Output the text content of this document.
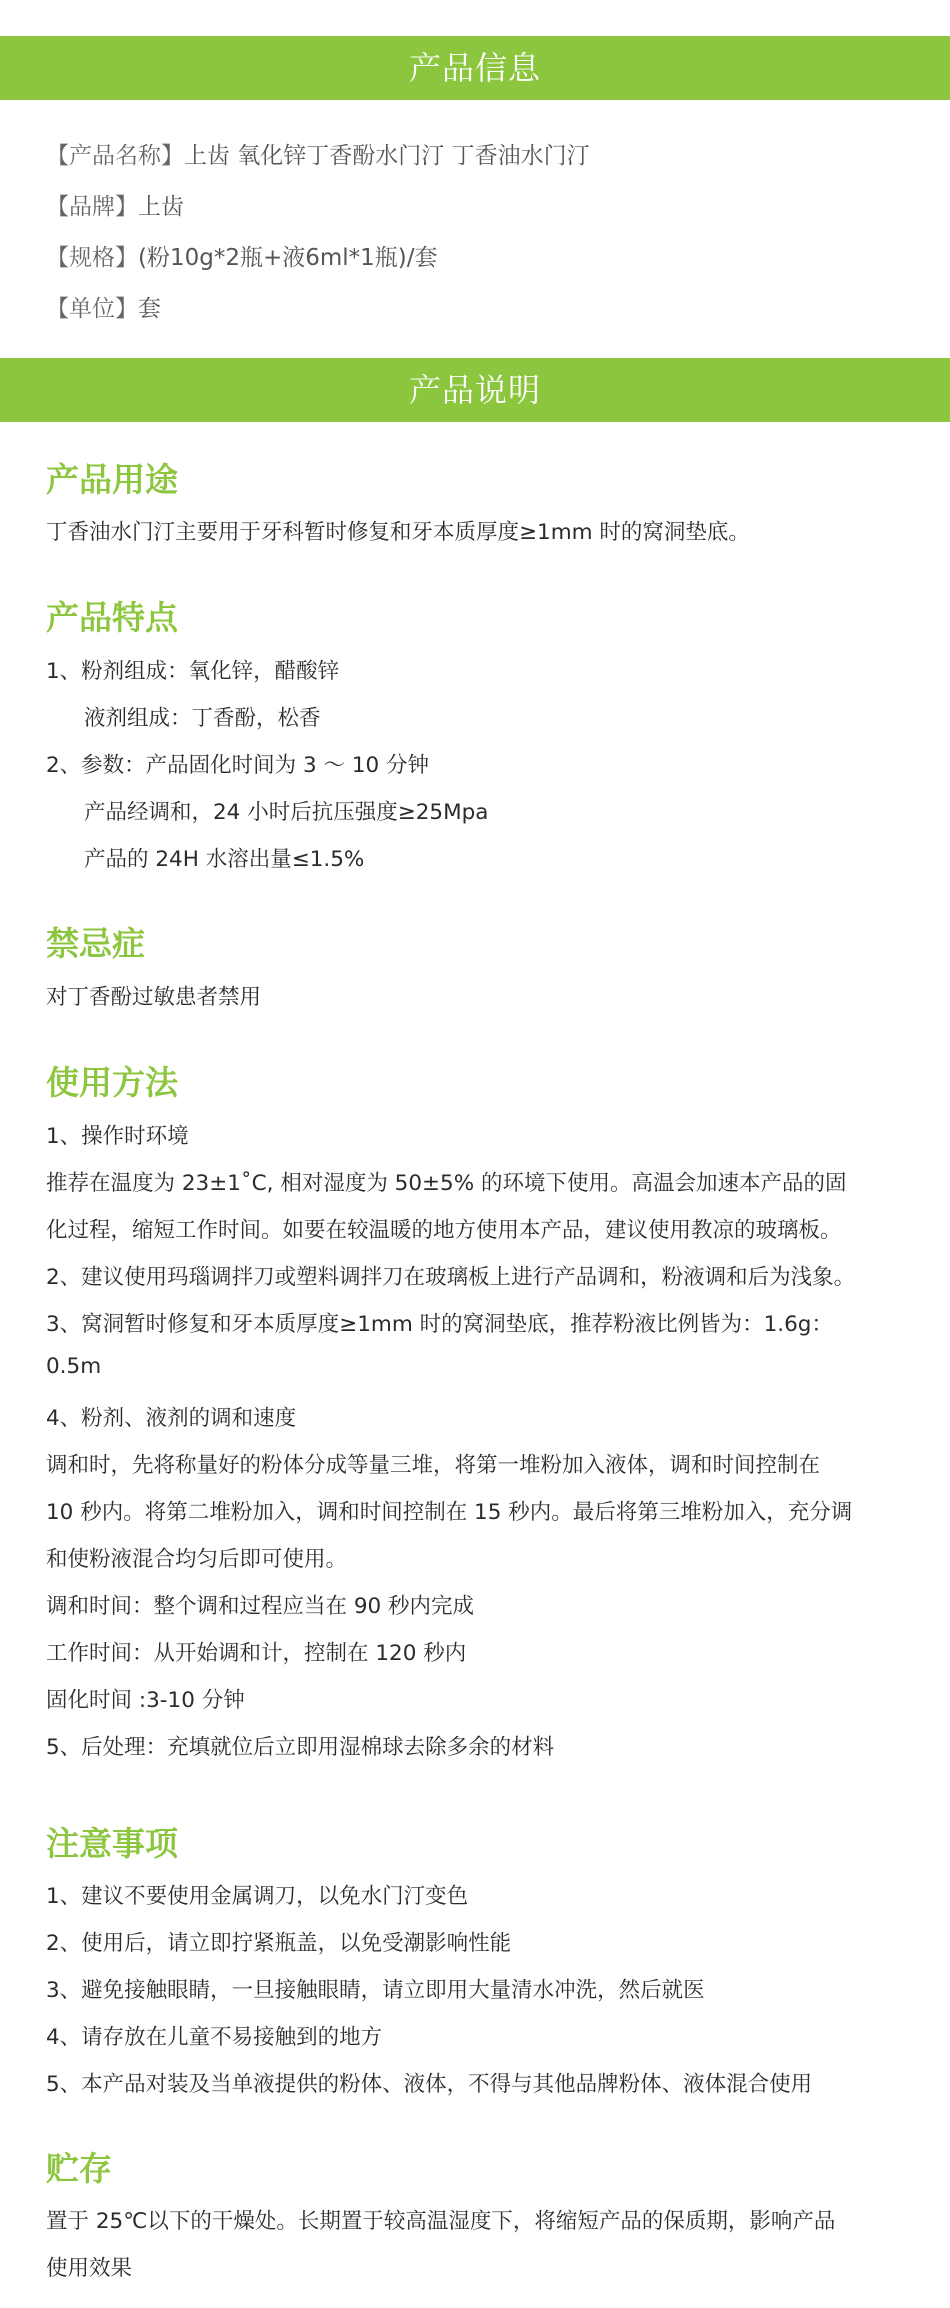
产品信息
【产品名称】上齿 氧化锌丁香酚水门汀 丁香油水门汀
【品牌】上齿
【规格】(粉10g*2瓶+液6ml*1瓶)/套
【单位】套
产品说明
产品用途
丁香油水门汀主要用于牙科暂时修复和牙本质厚度≥1mm 时的窝洞垫底。
产品特点
1、粉剂组成：氧化锌，醋酸锌
液剂组成：丁香酚，松香
2、参数：产品固化时间为 3 ～ 10 分钟
产品经调和，24 小时后抗压强度≥25Mpa
产品的 24H 水溶出量≤1.5%
禁忌症
对丁香酚过敏患者禁用
使用方法
1、操作时环境
推荐在温度为 23±1˚C, 相对湿度为 50±5% 的环境下使用。高温会加速本产品的固
化过程，缩短工作时间。如要在较温暖的地方使用本产品，建议使用教凉的玻璃板。
2、建议使用玛瑙调拌刀或塑料调拌刀在玻璃板上进行产品调和，粉液调和后为浅象。
3、窝洞暂时修复和牙本质厚度≥1mm 时的窝洞垫底，推荐粉液比例皆为：1.6g：
0.5m
4、粉剂、液剂的调和速度
调和时，先将称量好的粉体分成等量三堆，将第一堆粉加入液体，调和时间控制在
10 秒内。将第二堆粉加入，调和时间控制在 15 秒内。最后将第三堆粉加入，充分调
和使粉液混合均匀后即可使用。
调和时间：整个调和过程应当在 90 秒内完成
工作时间：从开始调和计，控制在 120 秒内
固化时间 :3-10 分钟
5、后处理：充填就位后立即用湿棉球去除多余的材料
注意事项
1、建议不要使用金属调刀，以免水门汀变色
2、使用后，请立即拧紧瓶盖，以免受潮影响性能
3、避免接触眼睛，一旦接触眼睛，请立即用大量清水冲洗，然后就医
4、请存放在儿童不易接触到的地方
5、本产品对装及当单液提供的粉体、液体，不得与其他品牌粉体、液体混合使用
贮存
置于 25℃以下的干燥处。长期置于较高温湿度下，将缩短产品的保质期，影响产品
使用效果
